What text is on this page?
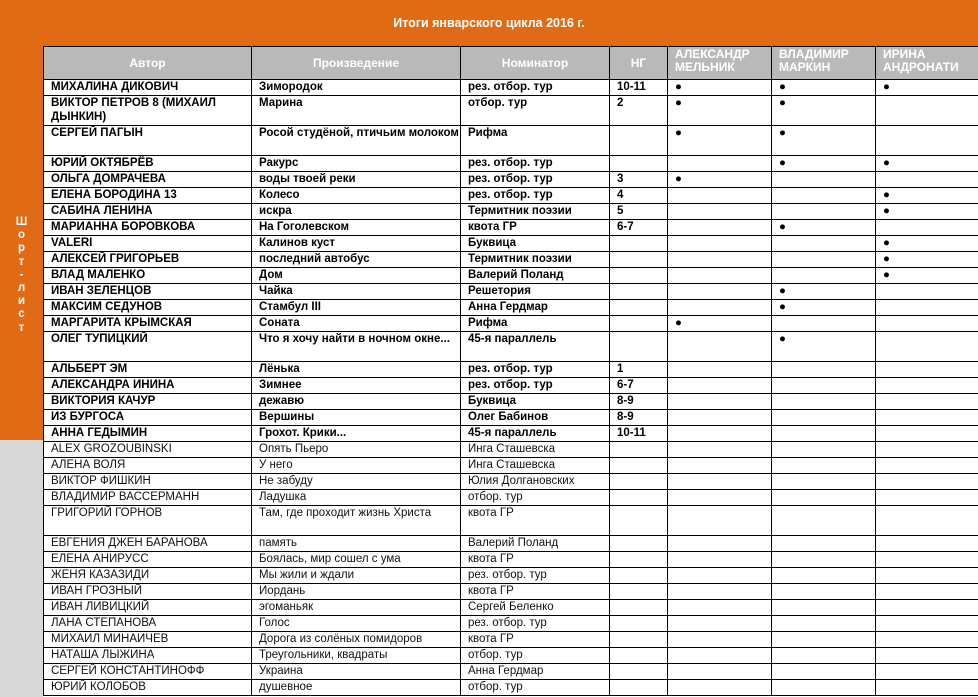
Итоги январского цикла 2016 г.
Ш
о
р
т
-
л
и
с
т
Автор	Произведение	Номинатор	НГ	АЛЕКСАНДР МЕЛЬНИК	ВЛАДИМИР МАРКИН	ИРИНА АНДРОНАТИ
МИХАЛИНА ДИКОВИЧ	Зимородок	рез. отбор. тур	10-11	●	●	●
ВИКТОР ПЕТРОВ 8 (МИХАИЛ ДЫНКИН)	Марина	отбор. тур	2	●	●	
СЕРГЕЙ ПАГЫН	Росой студёной, птичьим молоком	Рифма		●	●	
ЮРИЙ ОКТЯБРЁВ	Ракурс	рез. отбор. тур			●	●
ОЛЬГА ДОМРАЧЕВА	воды твоей реки	рез. отбор. тур	3	●		
ЕЛЕНА БОРОДИНА 13	Колесо	рез. отбор. тур	4			●
САБИНА ЛЕНИНА	искра	Термитник поэзии	5			●
МАРИАННА БОРОВКОВА	На Гоголевском	квота ГР	6-7		●	
VALERI	Калинов куст	Буквица				●
АЛЕКСЕЙ ГРИГОРЬЕВ	последний автобус	Термитник поэзии				●
ВЛАД МАЛЕНКО	Дом	Валерий Поланд				●
ИВАН ЗЕЛЕНЦОВ	Чайка	Решетория			●	
МАКСИМ СЕДУНОВ	Стамбул III	Анна Гердмар			●	
МАРГАРИТА КРЫМСКАЯ	Соната	Рифма		●		
ОЛЕГ ТУПИЦКИЙ	Что я хочу найти в ночном окне...	45-я параллель			●	
АЛЬБЕРТ ЭМ	Лёнька	рез. отбор. тур	1			
АЛЕКСАНДРА ИНИНА	Зимнее	рез. отбор. тур	6-7			
ВИКТОРИЯ КАЧУР	дежавю	Буквица	8-9			
ИЗ БУРГОСА	Вершины	Олег Бабинов	8-9			
АННА ГЕДЫМИН	Грохот. Крики...	45-я параллель	10-11			
ALEX GROZOUBINSKI	Опять Пьеро	Инга Сташевска				
АЛЕНА ВОЛЯ	У него	Инга Сташевска				
ВИКТОР ФИШКИН	Не забуду	Юлия Долгановских				
ВЛАДИМИР ВАССЕРМАНН	Ладушка	отбор. тур				
ГРИГОРИЙ ГОРНОВ	Там, где проходит жизнь Христа	квота ГР				
ЕВГЕНИЯ ДЖЕН БАРАНОВА	память	Валерий Поланд				
ЕЛЕНА АНИРУСС	Боялась, мир сошел с ума	квота ГР				
ЖЕНЯ КАЗАЗИДИ	Мы жили и ждали	рез. отбор. тур				
ИВАН ГРОЗНЫЙ	Иордань	квота ГР				
ИВАН ЛИВИЦКИЙ	эгоманьяк	Сергей Беленко				
ЛАНА СТЕПАНОВА	Голос	рез. отбор. тур				
МИХАИЛ МИНАИЧЕВ	Дорога из солёных помидоров	квота ГР				
НАТАША ЛЫЖИНА	Треугольники, квадраты	отбор. тур				
СЕРГЕЙ КОНСТАНТИНОФФ	Украина	Анна Гердмар				
ЮРИЙ КОЛОБОВ	душевное	отбор. тур				
